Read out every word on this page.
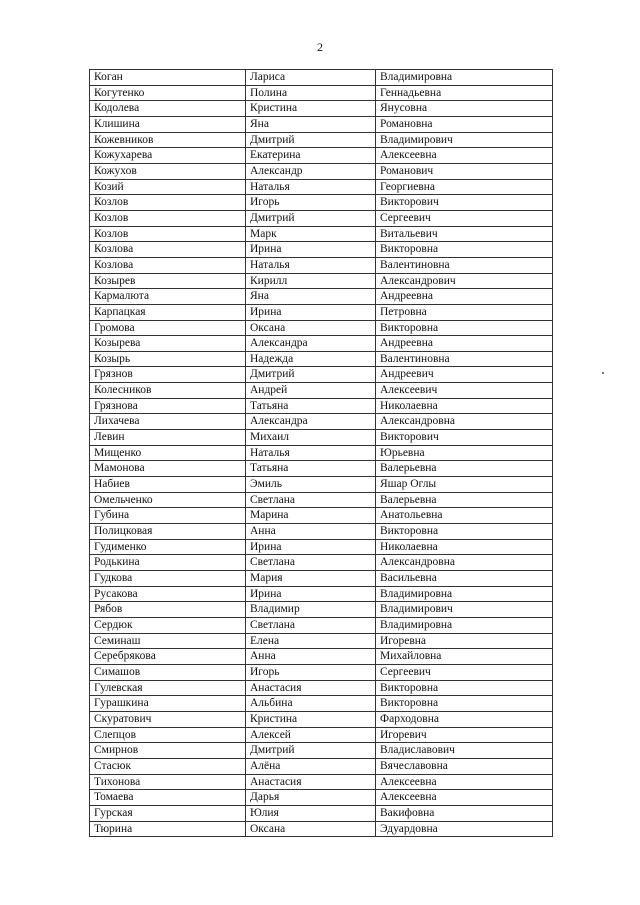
2
Коган	Лариса	Владимировна
Когутенко	Полина	Геннадьевна
Кодолева	Кристина	Янусовна
Клишина	Яна	Романовна
Кожевников	Дмитрий	Владимирович
Кожухарева	Екатерина	Алексеевна
Кожухов	Александр	Романович
Козий	Наталья	Георгиевна
Козлов	Игорь	Викторович
Козлов	Дмитрий	Сергеевич
Козлов	Марк	Витальевич
Козлова	Ирина	Викторовна
Козлова	Наталья	Валентиновна
Козырев	Кирилл	Александрович
Кармалюта	Яна	Андреевна
Карпацкая	Ирина	Петровна
Громова	Оксана	Викторовна
Козырева	Александра	Андреевна
Козырь	Надежда	Валентиновна
Грязнов	Дмитрий	Андреевич
Колесников	Андрей	Алексеевич
Грязнова	Татьяна	Николаевна
Лихачева	Александра	Александровна
Левин	Михаил	Викторович
Мищенко	Наталья	Юрьевна
Мамонова	Татьяна	Валерьевна
Набиев	Эмиль	Яшар Оглы
Омельченко	Светлана	Валерьевна
Губина	Марина	Анатольевна
Полицковая	Анна	Викторовна
Гудименко	Ирина	Николаевна
Родькина	Светлана	Александровна
Гудкова	Мария	Васильевна
Русакова	Ирина	Владимировна
Рябов	Владимир	Владимирович
Сердюк	Светлана	Владимировна
Семинаш	Елена	Игоревна
Серебрякова	Анна	Михайловна
Симашов	Игорь	Сергеевич
Гулевская	Анастасия	Викторовна
Гурашкина	Альбина	Викторовна
Скуратович	Кристина	Фарходовна
Слепцов	Алексей	Игоревич
Смирнов	Дмитрий	Владиславович
Стасюк	Алёна	Вячеславовна
Тихонова	Анастасия	Алексеевна
Томаева	Дарья	Алексеевна
Гурская	Юлия	Вакифовна
Тюрина	Оксана	Эдуардовна
